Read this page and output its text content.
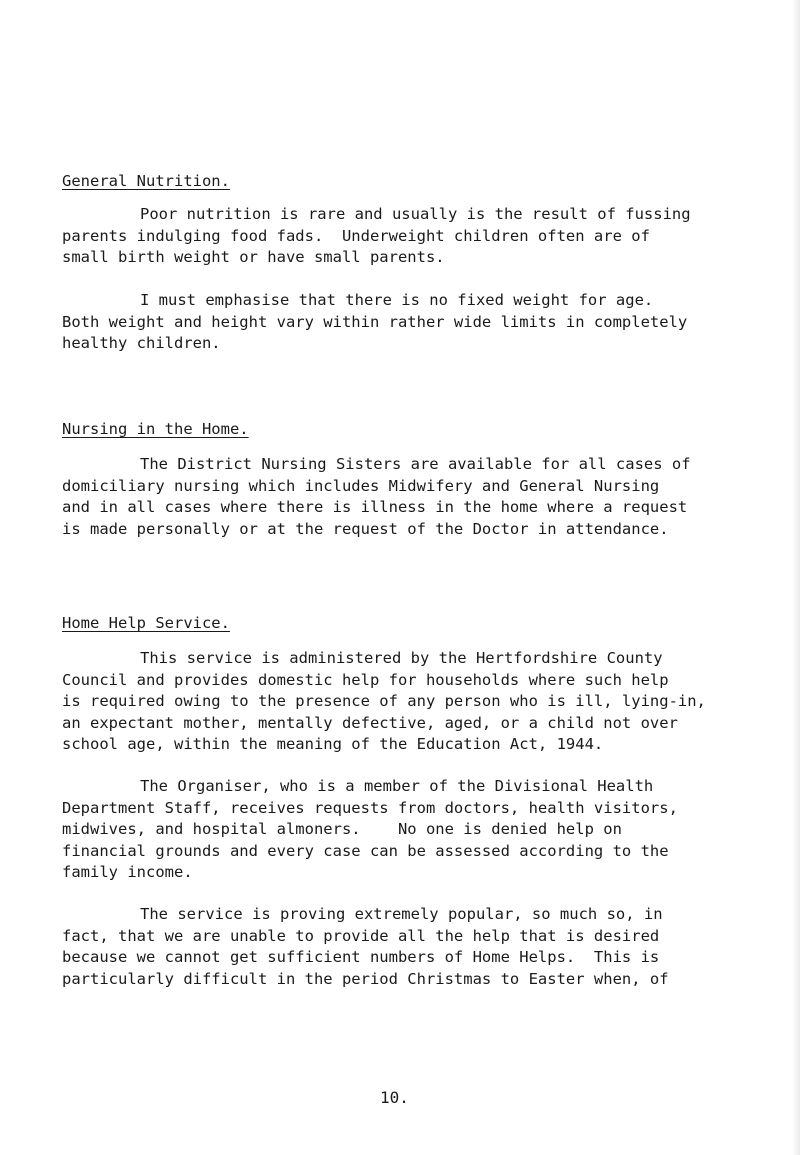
General Nutrition.
Poor nutrition is rare and usually is the result of fussing
parents indulging food fads.  Underweight children often are of
small birth weight or have small parents.
I must emphasise that there is no fixed weight for age.
Both weight and height vary within rather wide limits in completely
healthy children.
Nursing in the Home.
The District Nursing Sisters are available for all cases of
domiciliary nursing which includes Midwifery and General Nursing
and in all cases where there is illness in the home where a request
is made personally or at the request of the Doctor in attendance.
Home Help Service.
This service is administered by the Hertfordshire County
Council and provides domestic help for households where such help
is required owing to the presence of any person who is ill, lying-in,
an expectant mother, mentally defective, aged, or a child not over
school age, within the meaning of the Education Act, 1944.
The Organiser, who is a member of the Divisional Health
Department Staff, receives requests from doctors, health visitors,
midwives, and hospital almoners.    No one is denied help on
financial grounds and every case can be assessed according to the
family income.
The service is proving extremely popular, so much so, in
fact, that we are unable to provide all the help that is desired
because we cannot get sufficient numbers of Home Helps.  This is
particularly difficult in the period Christmas to Easter when, of

10.
